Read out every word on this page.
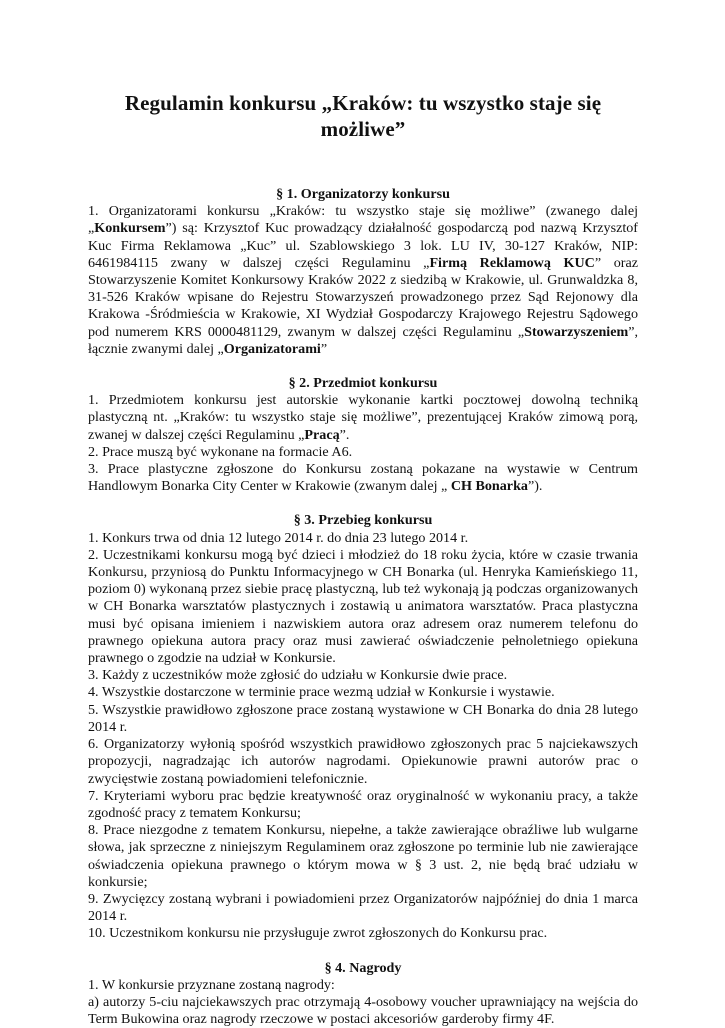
Regulamin konkursu „Kraków: tu wszystko staje się możliwe”

§ 1. Organizatorzy konkursu

1. Organizatorami konkursu „Kraków: tu wszystko staje się możliwe” (zwanego dalej „Konkursem”) są: Krzysztof Kuc prowadzący działalność gospodarczą pod nazwą Krzysztof Kuc Firma Reklamowa „Kuc” ul. Szablowskiego 3 lok. LU IV, 30-127 Kraków, NIP: 6461984115 zwany w dalszej części Regulaminu „Firmą Reklamową KUC” oraz Stowarzyszenie Komitet Konkursowy Kraków 2022 z siedzibą w Krakowie, ul. Grunwaldzka 8, 31-526 Kraków wpisane do Rejestru Stowarzyszeń prowadzonego przez Sąd Rejonowy dla Krakowa -Śródmieścia w Krakowie, XI Wydział Gospodarczy Krajowego Rejestru Sądowego pod numerem KRS 0000481129, zwanym w dalszej części Regulaminu „Stowarzyszeniem”, łącznie zwanymi dalej „Organizatorami”

§ 2. Przedmiot konkursu

1. Przedmiotem konkursu jest autorskie wykonanie kartki pocztowej dowolną techniką plastyczną nt. „Kraków: tu wszystko staje się możliwe”, prezentującej Kraków zimową porą, zwanej w dalszej części Regulaminu „Pracą”.

2. Prace muszą być wykonane na formacie A6.

3. Prace plastyczne zgłoszone do Konkursu zostaną pokazane na wystawie w Centrum Handlowym Bonarka City Center w Krakowie (zwanym dalej „ CH Bonarka”).

§ 3. Przebieg konkursu

1. Konkurs trwa od dnia 12 lutego 2014 r. do dnia 23 lutego 2014 r.

2. Uczestnikami konkursu mogą być dzieci i młodzież do 18 roku życia, które w czasie trwania Konkursu, przyniosą do Punktu Informacyjnego w CH Bonarka (ul. Henryka Kamieńskiego 11, poziom 0) wykonaną przez siebie pracę plastyczną, lub też wykonają ją podczas organizowanych w CH Bonarka warsztatów plastycznych i zostawią u animatora warsztatów. Praca plastyczna musi być opisana imieniem i nazwiskiem autora oraz adresem oraz numerem telefonu do prawnego opiekuna autora pracy oraz musi zawierać oświadczenie pełnoletniego opiekuna prawnego o zgodzie na udział w Konkursie.

3. Każdy z uczestników może zgłosić do udziału w Konkursie dwie prace.

4. Wszystkie dostarczone w terminie prace wezmą udział w Konkursie i wystawie.

5. Wszystkie prawidłowo zgłoszone prace zostaną wystawione w CH Bonarka do dnia 28 lutego 2014 r.

6. Organizatorzy wyłonią spośród wszystkich prawidłowo zgłoszonych prac 5 najciekawszych propozycji, nagradzając ich autorów nagrodami. Opiekunowie prawni autorów prac o zwycięstwie zostaną powiadomieni telefonicznie.

7. Kryteriami wyboru prac będzie kreatywność oraz oryginalność w wykonaniu pracy, a także zgodność pracy z tematem Konkursu;

8. Prace niezgodne z tematem Konkursu, niepełne, a także zawierające obraźliwe lub wulgarne słowa, jak sprzeczne z niniejszym Regulaminem oraz zgłoszone po terminie lub nie zawierające oświadczenia opiekuna prawnego o którym mowa w § 3 ust. 2, nie będą brać udziału w konkursie;

9. Zwycięzcy zostaną wybrani i powiadomieni przez Organizatorów najpóźniej do dnia 1 marca 2014 r.

10. Uczestnikom konkursu nie przysługuje zwrot zgłoszonych do Konkursu prac.

§ 4. Nagrody

1. W konkursie przyznane zostaną nagrody:

a) autorzy 5-ciu najciekawszych prac otrzymają 4-osobowy voucher uprawniający na wejścia do Term Bukowina oraz nagrody rzeczowe w postaci akcesoriów garderoby firmy 4F.
